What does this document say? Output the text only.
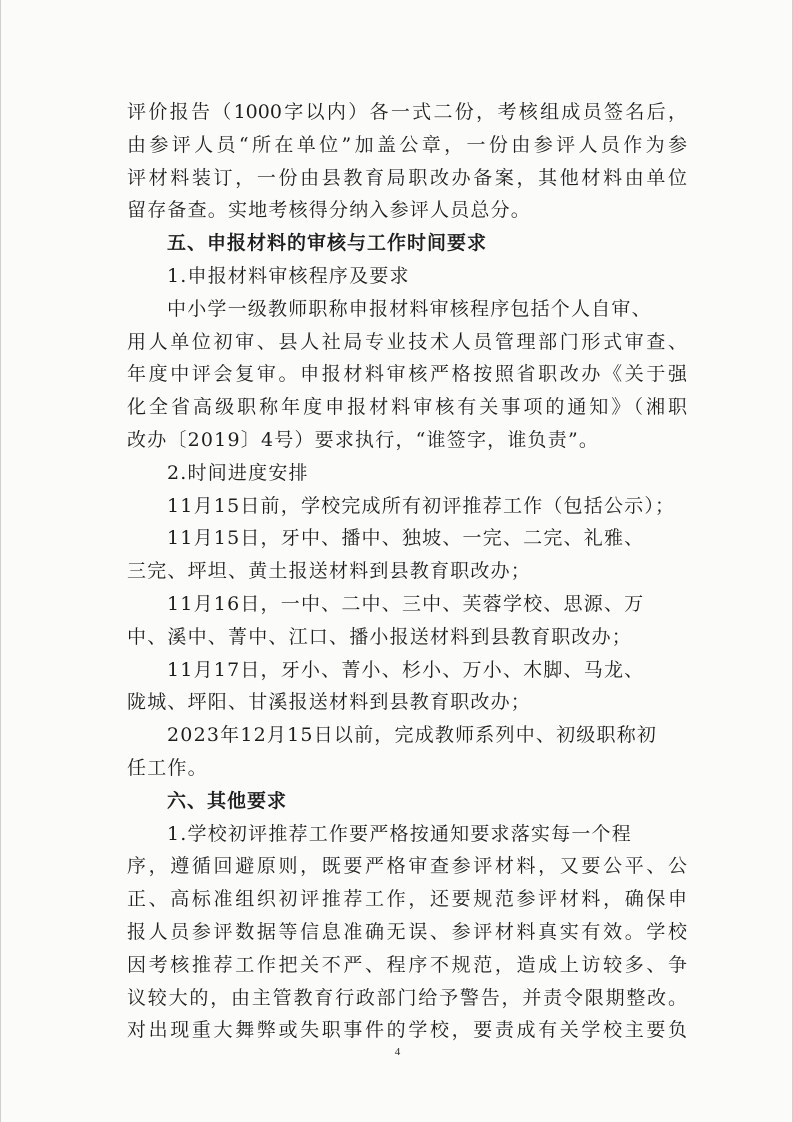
评价报告（1000字以内）各一式二份，考核组成员签名后，
由参评人员“所在单位”加盖公章，一份由参评人员作为参
评材料装订，一份由县教育局职改办备案，其他材料由单位
留存备查。实地考核得分纳入参评人员总分。
五、申报材料的审核与工作时间要求
1.申报材料审核程序及要求
中小学一级教师职称申报材料审核程序包括个人自审、
用人单位初审、县人社局专业技术人员管理部门形式审查、
年度中评会复审。申报材料审核严格按照省职改办《关于强
化全省高级职称年度申报材料审核有关事项的通知》（湘职
改办〔2019〕4号）要求执行，“谁签字，谁负责”。
2.时间进度安排
11月15日前，学校完成所有初评推荐工作（包括公示）；
11月15日，牙中、播中、独坡、一完、二完、礼雅、
三完、坪坦、黄土报送材料到县教育职改办；
11月16日，一中、二中、三中、芙蓉学校、思源、万
中、溪中、菁中、江口、播小报送材料到县教育职改办；
11月17日，牙小、菁小、杉小、万小、木脚、马龙、
陇城、坪阳、甘溪报送材料到县教育职改办；
2023年12月15日以前，完成教师系列中、初级职称初
任工作。
六、其他要求
1.学校初评推荐工作要严格按通知要求落实每一个程
序，遵循回避原则，既要严格审查参评材料，又要公平、公
正、高标准组织初评推荐工作，还要规范参评材料，确保申
报人员参评数据等信息准确无误、参评材料真实有效。学校
因考核推荐工作把关不严、程序不规范，造成上访较多、争
议较大的，由主管教育行政部门给予警告，并责令限期整改。
对出现重大舞弊或失职事件的学校，要责成有关学校主要负
4
